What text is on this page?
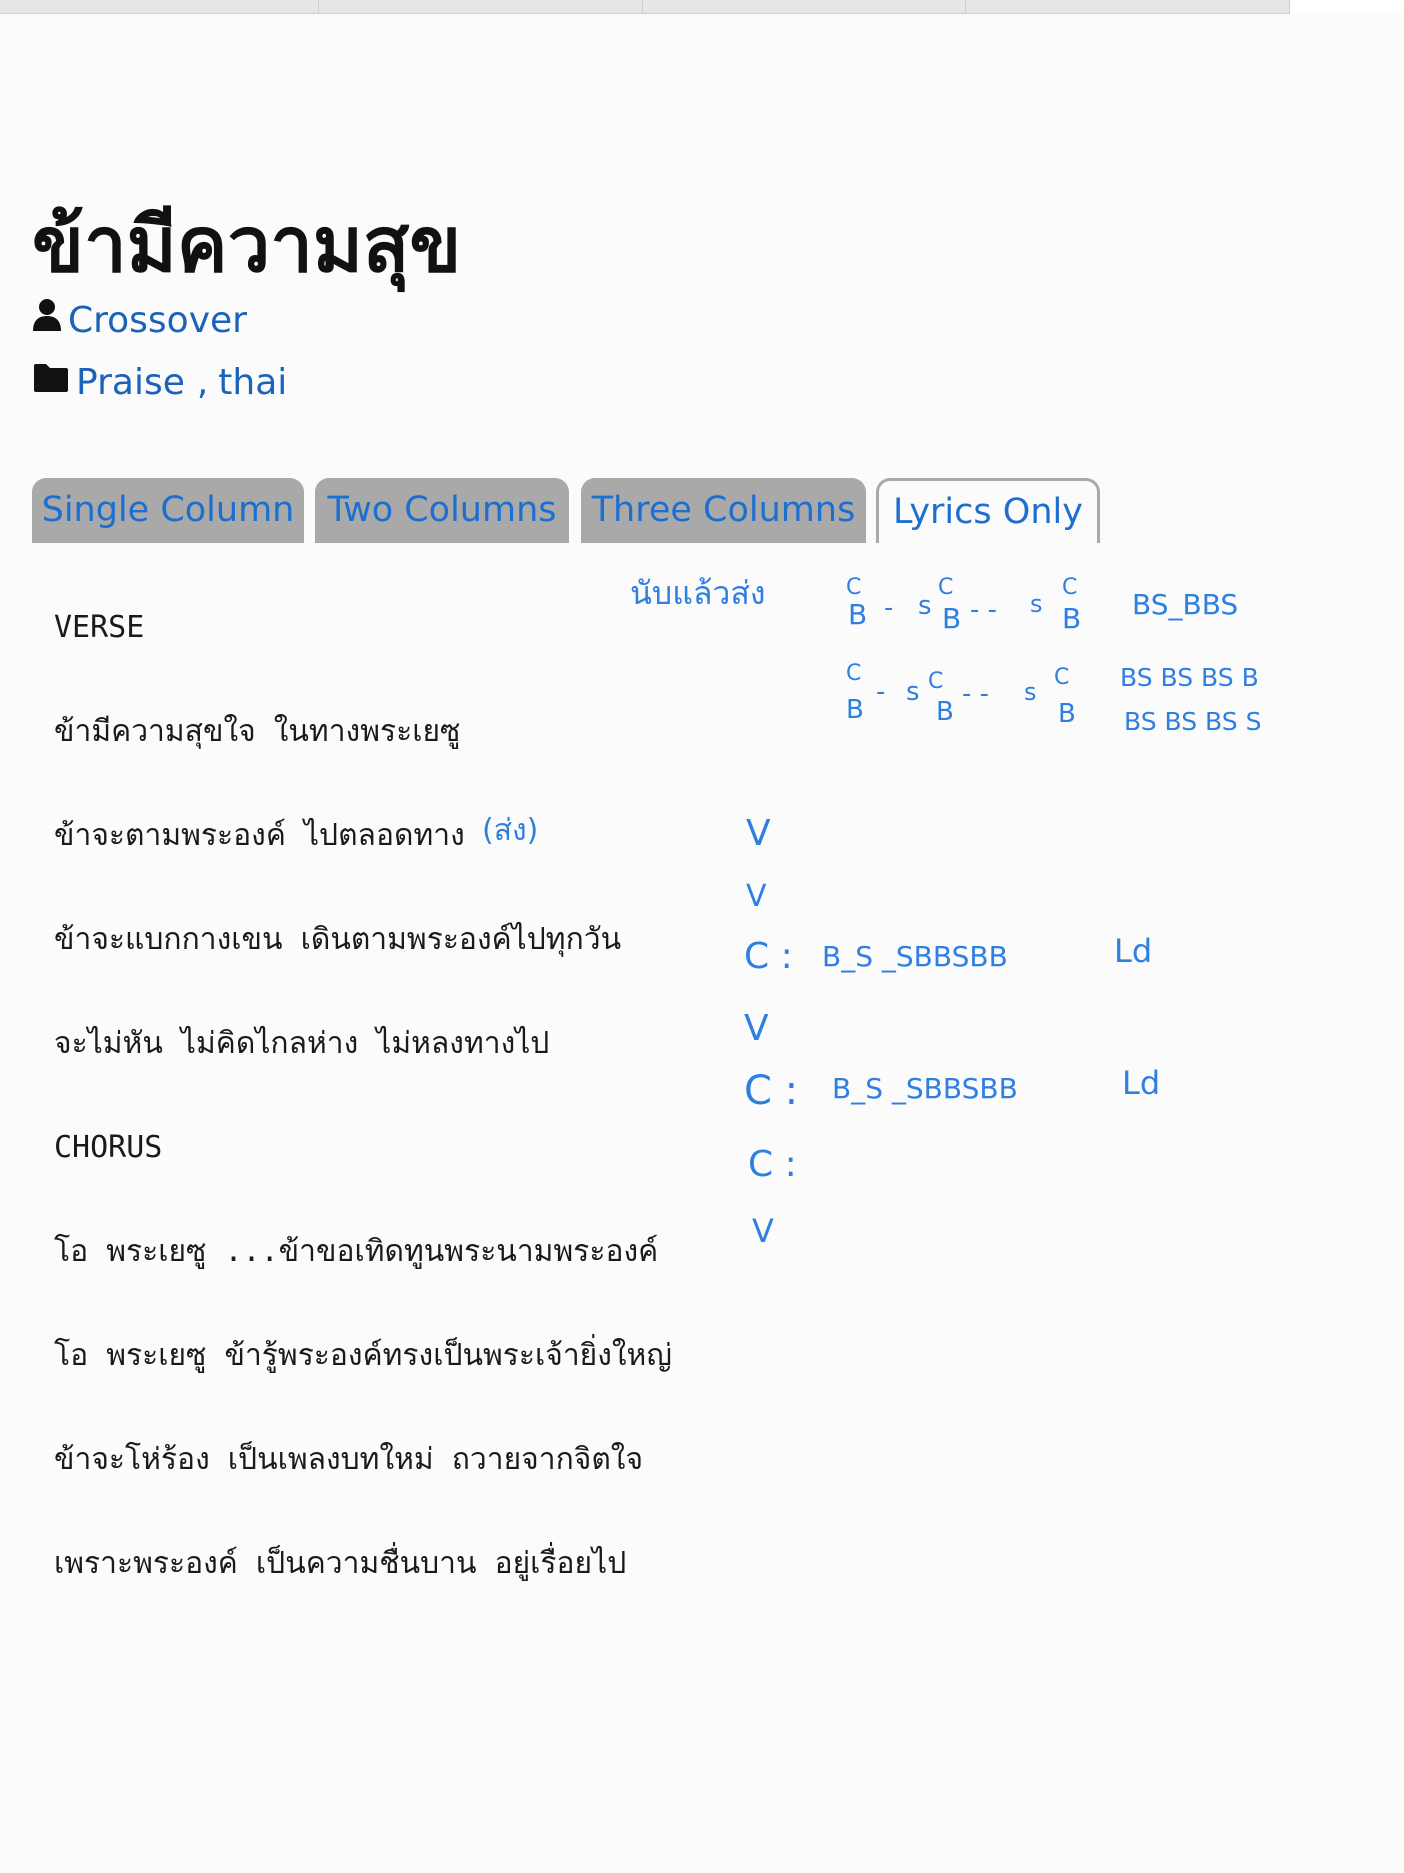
ข้ามีความสุข
Crossover
Praise , thai
Single Column Two Columns	Three Columns	Lyrics Only
VERSE
ข้ามีความสุขใจ ในทางพระเยซู
ข้าจะตามพระองค์ ไปตลอดทาง
ข้าจะแบกกางเขน เดินตามพระองค์ไปทุกวัน
จะไม่หัน ไม่คิดไกลห่าง ไม่หลงทางไป
CHORUS
โอ พระเยซู ...ข้าขอเทิดทูนพระนามพระองค์
โอ พระเยซู ข้ารู้พระองค์ทรงเป็นพระเจ้ายิ่งใหญ่
ข้าจะโห่ร้อง เป็นเพลงบทใหม่ ถวายจากจิตใจ
เพราะพระองค์ เป็นความชื่นบาน อยู่เรื่อยไป
นับแล้วส่ง	C
B - s
C
B - - s
C
B BS_BBS
C
B
- s C
B
- - s
C
B
BS BS BS B
BS BS BS S
(ส่ง)	V
V
C : B_S _SBBSBB	Ld
V
C : B_S _SBBSBB	Ld
C :
V
